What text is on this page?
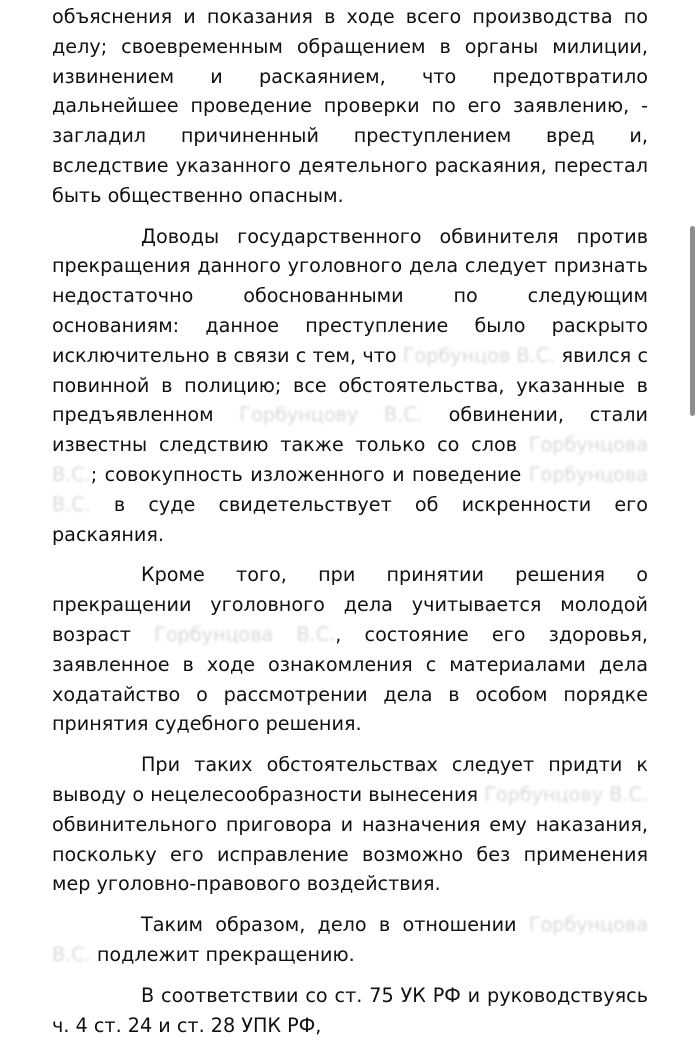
объяснения и показания в ходе всего производства по делу; своевременным обращением в органы милиции, извинением и раскаянием, что предотвратило дальнейшее проведение проверки по его заявлению, - загладил причиненный преступлением вред и, вследствие указанного деятельного раскаяния, перестал быть общественно опасным.

Доводы государственного обвинителя против прекращения данного уголовного дела следует признать недостаточно обоснованными по следующим основаниям: данное преступление было раскрыто исключительно в связи с тем, что Горбунцов В.С. явился с повинной в полицию; все обстоятельства, указанные в предъявленном Горбунцову В.С. обвинении, стали известны следствию также только со слов Горбунцова В.С.; совокупность изложенного и поведение Горбунцова В.С. в суде свидетельствует об искренности его раскаяния.

Кроме того, при принятии решения о прекращении уголовного дела учитывается молодой возраст Горбунцова В.С., состояние его здоровья, заявленное в ходе ознакомления с материалами дела ходатайство о рассмотрении дела в особом порядке принятия судебного решения.

При таких обстоятельствах следует придти к выводу о нецелесообразности вынесения Горбунцову В.С. обвинительного приговора и назначения ему наказания, поскольку его исправление возможно без применения мер уголовно-правового воздействия.

Таким образом, дело в отношении Горбунцова В.С. подлежит прекращению.

В соответствии со ст. 75 УК РФ и руководствуясь ч. 4 ст. 24 и ст. 28 УПК РФ,
